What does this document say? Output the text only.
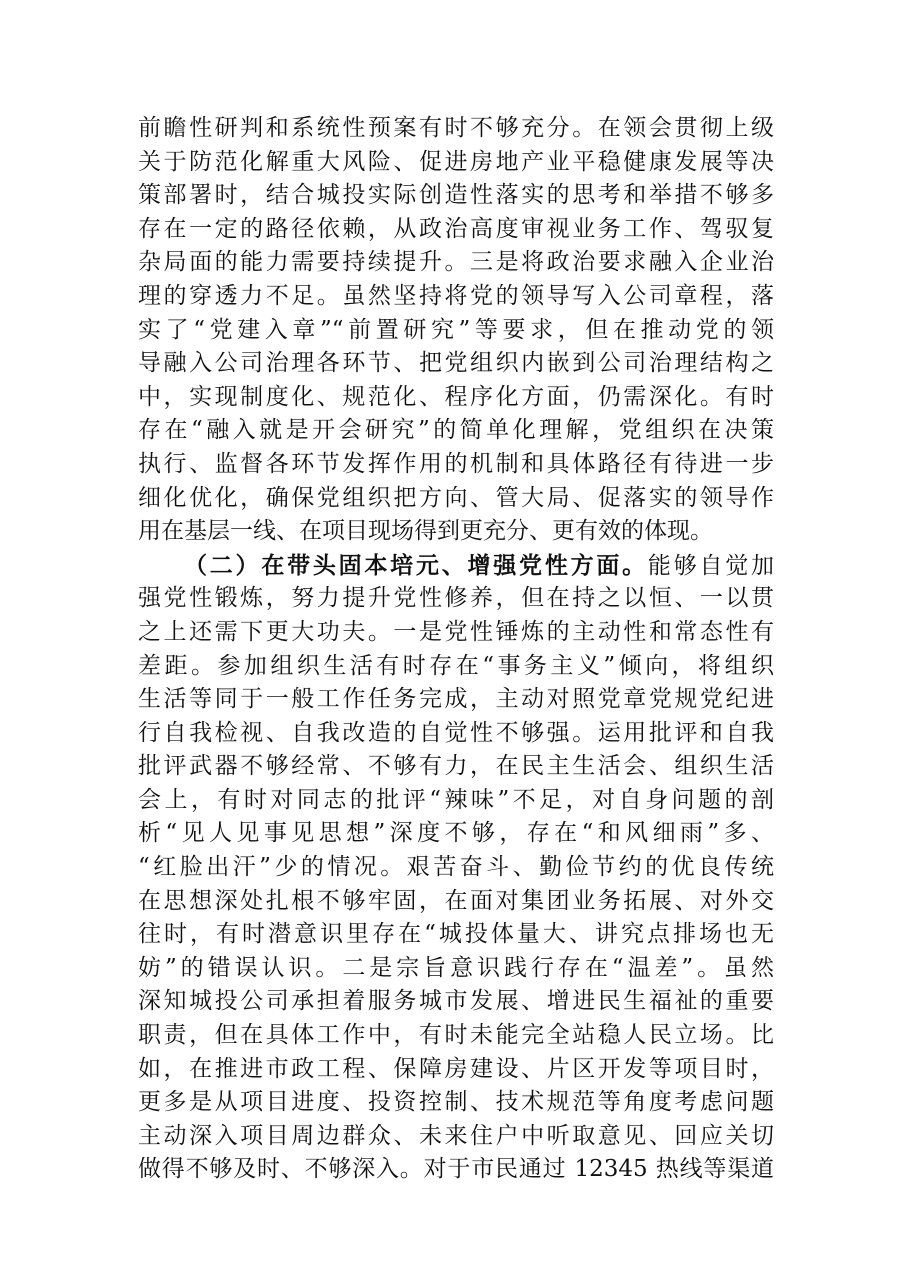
前瞻性研判和系统性预案有时不够充分。在领会贯彻上级
关于防范化解重大风险、促进房地产业平稳健康发展等决
策部署时，结合城投实际创造性落实的思考和举措不够多
存在一定的路径依赖，从政治高度审视业务工作、驾驭复
杂局面的能力需要持续提升。三是将政治要求融入企业治
理的穿透力不足。虽然坚持将党的领导写入公司章程，落
实了“党建入章”“前置研究”等要求，但在推动党的领
导融入公司治理各环节、把党组织内嵌到公司治理结构之
中，实现制度化、规范化、程序化方面，仍需深化。有时
存在“融入就是开会研究”的简单化理解，党组织在决策
执行、监督各环节发挥作用的机制和具体路径有待进一步
细化优化，确保党组织把方向、管大局、促落实的领导作
用在基层一线、在项目现场得到更充分、更有效的体现。
（二）在带头固本培元、增强党性方面。能够自觉加
强党性锻炼，努力提升党性修养，但在持之以恒、一以贯
之上还需下更大功夫。一是党性锤炼的主动性和常态性有
差距。参加组织生活有时存在“事务主义”倾向，将组织
生活等同于一般工作任务完成，主动对照党章党规党纪进
行自我检视、自我改造的自觉性不够强。运用批评和自我
批评武器不够经常、不够有力，在民主生活会、组织生活
会上，有时对同志的批评“辣味”不足，对自身问题的剖
析“见人见事见思想”深度不够，存在“和风细雨”多、
“红脸出汗”少的情况。艰苦奋斗、勤俭节约的优良传统
在思想深处扎根不够牢固，在面对集团业务拓展、对外交
往时，有时潜意识里存在“城投体量大、讲究点排场也无
妨”的错误认识。二是宗旨意识践行存在“温差”。虽然
深知城投公司承担着服务城市发展、增进民生福祉的重要
职责，但在具体工作中，有时未能完全站稳人民立场。比
如，在推进市政工程、保障房建设、片区开发等项目时，
更多是从项目进度、投资控制、技术规范等角度考虑问题
主动深入项目周边群众、未来住户中听取意见、回应关切
做得不够及时、不够深入。对于市民通过 12345 热线等渠道
